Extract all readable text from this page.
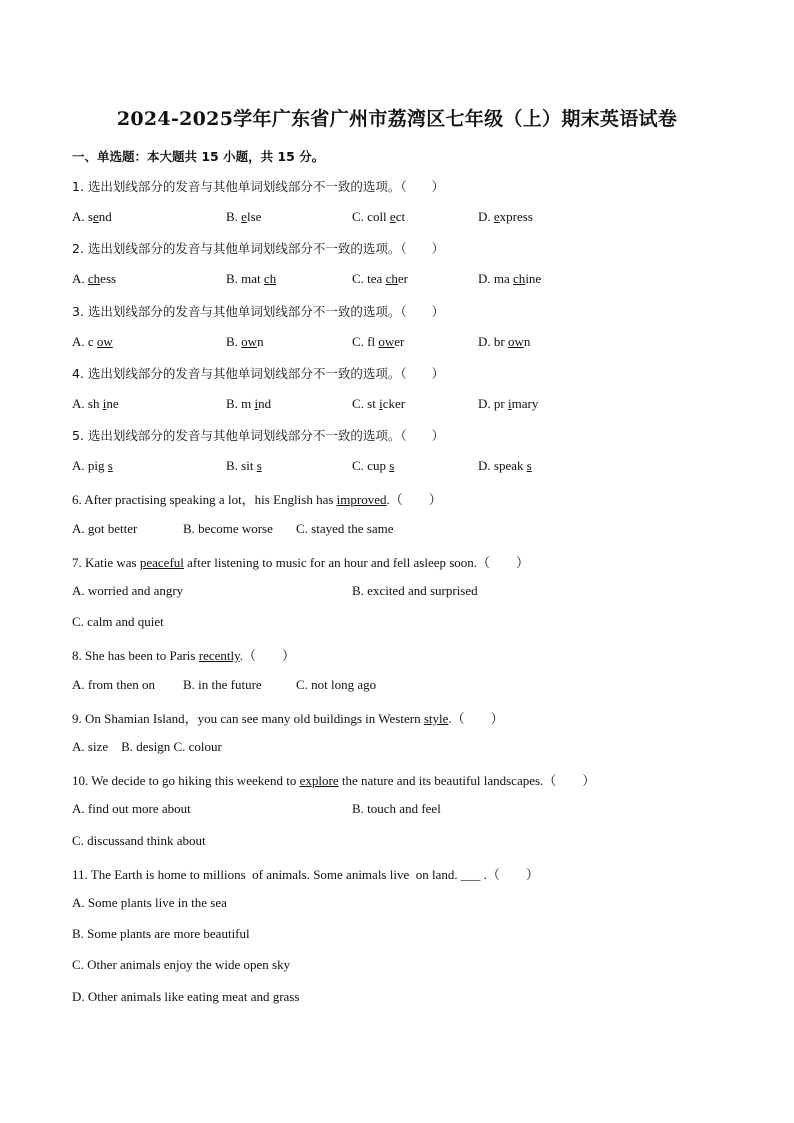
2024-2025学年广东省广州市荔湾区七年级（上）期末英语试卷
一、单选题：本大题共 15 小题，共 15 分。
1. 选出划线部分的发音与其他单词划线部分不一致的选项。（　　）
A. send	B. else	C. coll ect	D. express
2. 选出划线部分的发音与其他单词划线部分不一致的选项。（　　）
A. chess	B. mat ch	C. tea cher	D. ma chine
3. 选出划线部分的发音与其他单词划线部分不一致的选项。（　　）
A. c ow	B. own	C. fl ower	D. br own
4. 选出划线部分的发音与其他单词划线部分不一致的选项。（　　）
A. sh ine	B. m ind	C. st icker	D. pr imary
5. 选出划线部分的发音与其他单词划线部分不一致的选项。（　　）
A. pig s	B. sit s	C. cup s	D. speak s
6. After practising speaking a lot，his English has improved.（　　）
A. got better	B. become worse C. stayed the same
7. Katie was peaceful after listening to music for an hour and fell asleep soon.（　　）
A. worried and angry	B. excited and surprised
C. calm and quiet
8. She has been to Paris recently.（　　）
A. from then on B. in the future	C. not long ago
9. On Shamian Island，you can see many old buildings in Western style.（　　）
A. size    B. design C. colour
10. We decide to go hiking this weekend to explore the nature and its beautiful landscapes.（　　）
A. find out more about	B. touch and feel
C. discussand think about
11. The Earth is home to millions  of animals. Some animals live  on land. ___ .（　　）
A. Some plants live in the sea
B. Some plants are more beautiful
C. Other animals enjoy the wide open sky
D. Other animals like eating meat and grass
